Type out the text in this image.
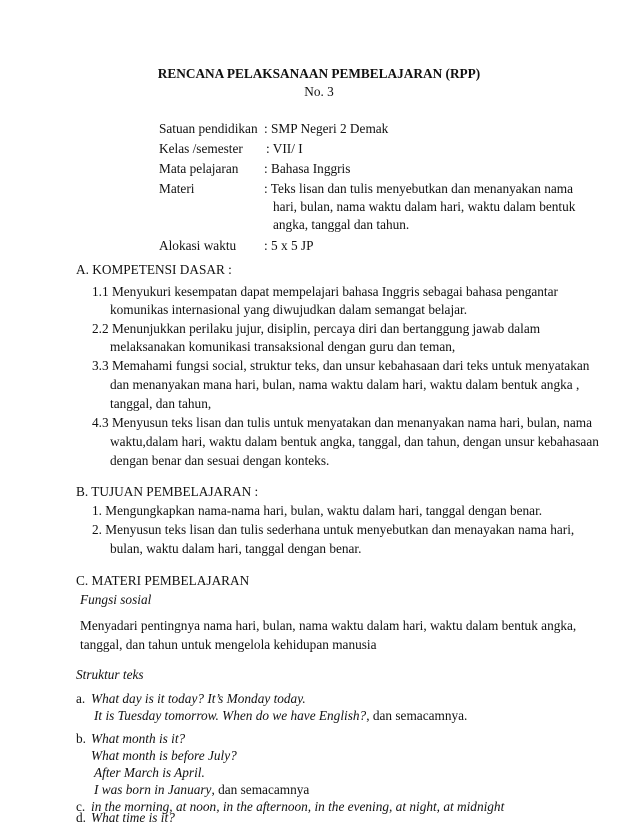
RENCANA PELAKSANAAN PEMBELAJARAN (RPP)
No. 3
Satuan pendidikan : SMP Negeri 2 Demak
Kelas /semester : VII/ I
Mata pelajaran : Bahasa Inggris
Materi	: Teks lisan dan tulis menyebutkan dan menanyakan nama
hari, bulan, nama waktu dalam hari, waktu dalam bentuk
angka, tanggal dan tahun.
Alokasi waktu : 5 x 5 JP
A. KOMPETENSI DASAR :
1.1 Menyukuri kesempatan dapat mempelajari bahasa Inggris sebagai bahasa pengantar
komunikas internasional yang diwujudkan dalam semangat belajar.
2.2 Menunjukkan perilaku jujur, disiplin, percaya diri dan bertanggung jawab dalam
melaksanakan komunikasi transaksional dengan guru dan teman,
3.3 Memahami fungsi social, struktur teks, dan unsur kebahasaan dari teks untuk menyatakan
dan menanyakan mana hari, bulan, nama waktu dalam hari, waktu dalam bentuk angka ,
tanggal, dan tahun,
4.3 Menyusun teks lisan dan tulis untuk menyatakan dan menanyakan nama hari, bulan, nama
waktu,dalam hari, waktu dalam bentuk angka, tanggal, dan tahun, dengan unsur kebahasaan
dengan benar dan sesuai dengan konteks.
B. TUJUAN PEMBELAJARAN :
1. Mengungkapkan nama-nama hari, bulan, waktu dalam hari, tanggal dengan benar.
2. Menyusun teks lisan dan tulis sederhana untuk menyebutkan dan menayakan nama hari,
bulan, waktu dalam hari, tanggal dengan benar.
C. MATERI PEMBELAJARAN
Fungsi sosial
Menyadari pentingnya nama hari, bulan, nama waktu dalam hari, waktu dalam bentuk angka,
tanggal, dan tahun untuk mengelola kehidupan manusia
Struktur teks
a. What day is it today? It’s Monday today.
It is Tuesday tomorrow. When do we have English?, dan semacamnya.
b. What month is it?
What month is before July?
After March is April.
I was born in January, dan semacamnya
c. in the morning, at noon, in the afternoon, in the evening, at night, at midnight
d. What time is it?
